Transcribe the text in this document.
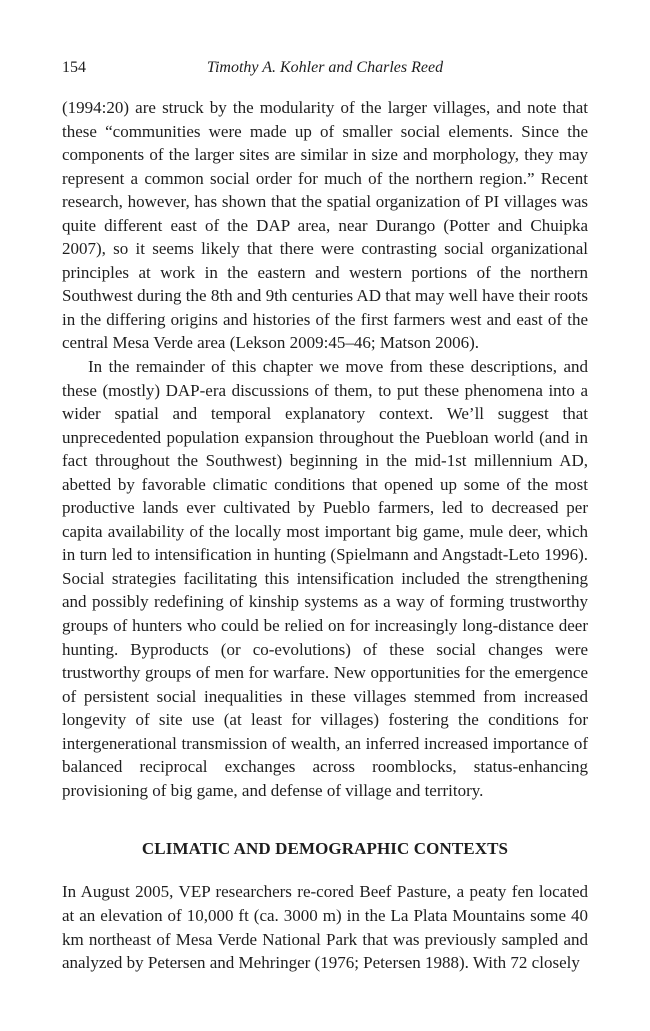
154	Timothy A. Kohler and Charles Reed

(1994:20) are struck by the modularity of the larger villages, and note that these “communities were made up of smaller social elements. Since the components of the larger sites are similar in size and morphology, they may represent a common social order for much of the northern region.” Recent research, however, has shown that the spatial organization of PI villages was quite different east of the DAP area, near Durango (Potter and Chuipka 2007), so it seems likely that there were contrasting social organizational principles at work in the eastern and western portions of the northern Southwest during the 8th and 9th centuries AD that may well have their roots in the differing origins and histories of the first farmers west and east of the central Mesa Verde area (Lekson 2009:45–46; Matson 2006).

In the remainder of this chapter we move from these descriptions, and these (mostly) DAP-era discussions of them, to put these phenomena into a wider spatial and temporal explanatory context. We’ll suggest that unprecedented population expansion throughout the Puebloan world (and in fact throughout the Southwest) beginning in the mid-1st millennium AD, abetted by favorable climatic conditions that opened up some of the most productive lands ever cultivated by Pueblo farmers, led to decreased per capita availability of the locally most important big game, mule deer, which in turn led to intensification in hunting (Spielmann and Angstadt-Leto 1996). Social strategies facilitating this intensification included the strengthening and possibly redefining of kinship systems as a way of forming trustworthy groups of hunters who could be relied on for increasingly long-distance deer hunting. Byproducts (or co-evolutions) of these social changes were trustworthy groups of men for warfare. New opportunities for the emergence of persistent social inequalities in these villages stemmed from increased longevity of site use (at least for villages) fostering the conditions for intergenerational transmission of wealth, an inferred increased importance of balanced reciprocal exchanges across roomblocks, status-enhancing provisioning of big game, and defense of village and territory.

CLIMATIC AND DEMOGRAPHIC CONTEXTS

In August 2005, VEP researchers re-cored Beef Pasture, a peaty fen located at an elevation of 10,000 ft (ca. 3000 m) in the La Plata Mountains some 40 km northeast of Mesa Verde National Park that was previously sampled and analyzed by Petersen and Mehringer (1976; Petersen 1988). With 72 closely
